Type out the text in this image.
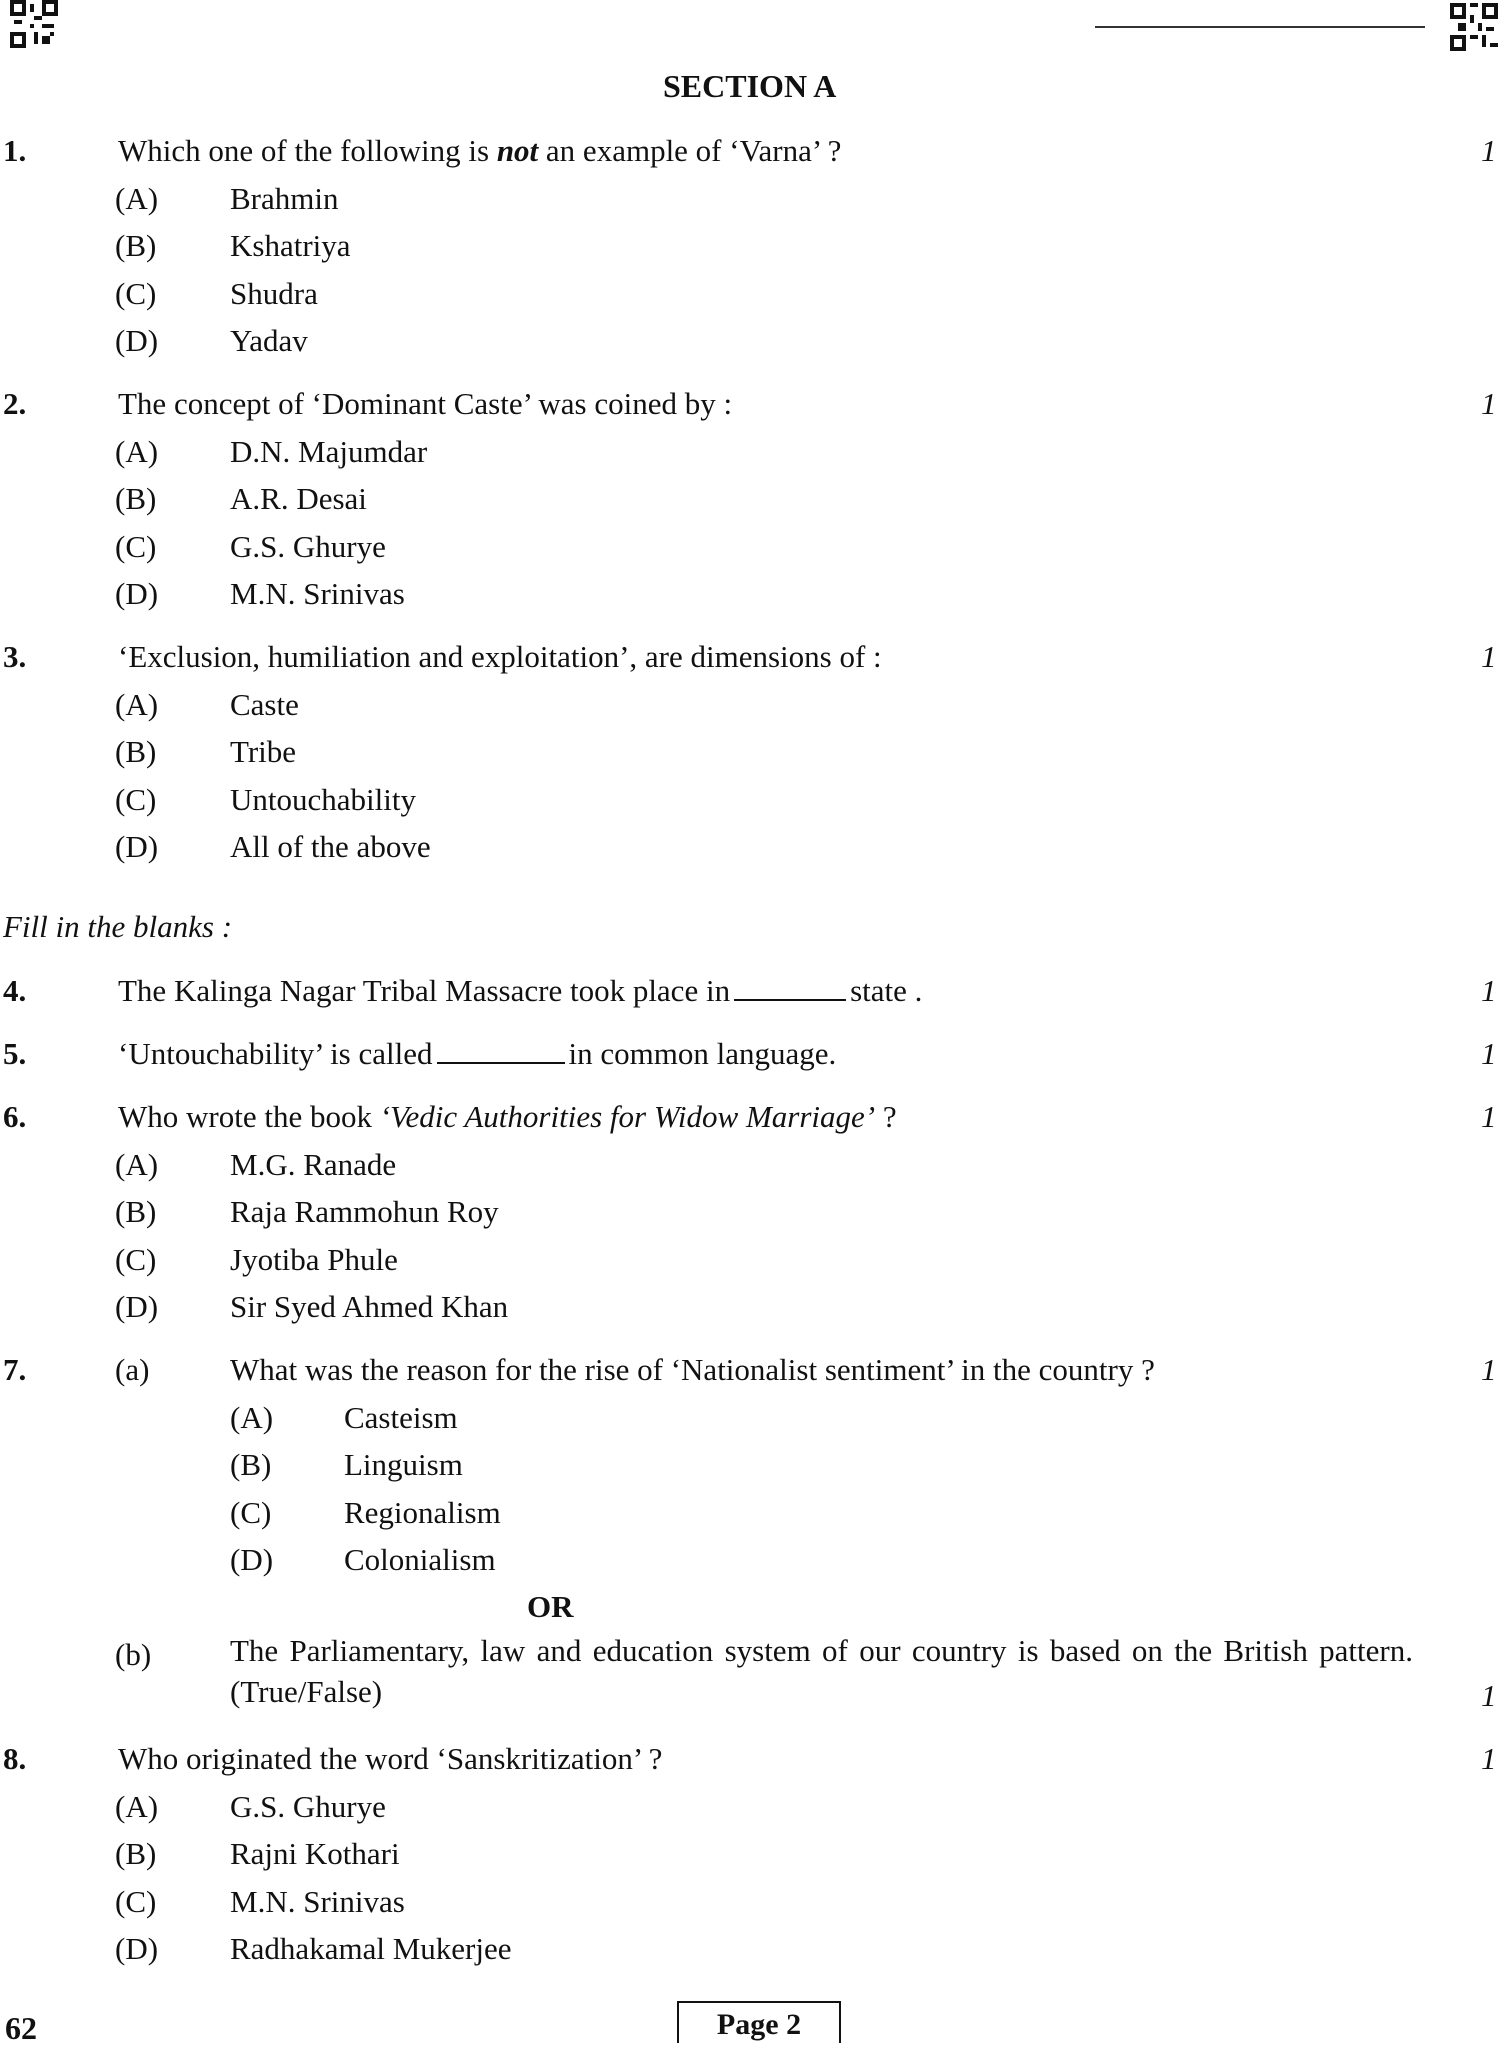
SECTION A
1.	Which one of the following is not an example of ‘Varna’ ?	1
(A) Brahmin
(B) Kshatriya
(C) Shudra
(D) Yadav
2.	The concept of ‘Dominant Caste’ was coined by :	1
(A) D.N. Majumdar
(B) A.R. Desai
(C) G.S. Ghurye
(D) M.N. Srinivas
3.	‘Exclusion, humiliation and exploitation’, are dimensions of :	1
(A) Caste
(B) Tribe
(C) Untouchability
(D) All of the above
Fill in the blanks :
4.	The Kalinga Nagar Tribal Massacre took place in	state .	1
5.	‘Untouchability’ is called	in common language.	1
6.	Who wrote the book ‘Vedic Authorities for Widow Marriage’ ?	1
(A) M.G. Ranade
(B) Raja Rammohun Roy
(C) Jyotiba Phule
(D) Sir Syed Ahmed Khan
7.	(a)	What was the reason for the rise of ‘Nationalist sentiment’ in the country ?	1
(A) Casteism
(B) Linguism
(C) Regionalism
(D) Colonialism
OR
(b)	The Parliamentary, law and education system of our country is based on the British pattern. (True/False)	1
8.	Who originated the word ‘Sanskritization’ ?	1
(A) G.S. Ghurye
(B) Rajni Kothari
(C) M.N. Srinivas
(D) Radhakamal Mukerjee
62	Page 2
